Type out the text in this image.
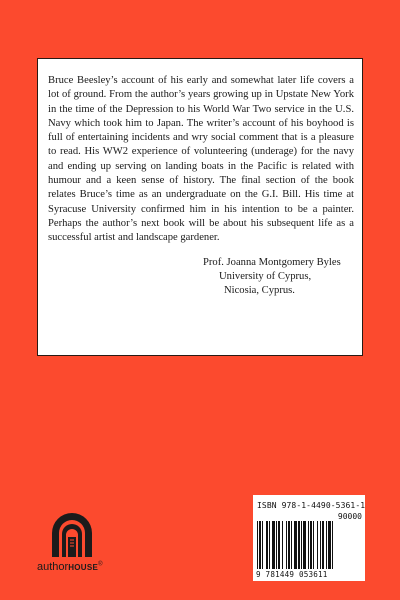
Bruce Beesley’s account of his early and somewhat later life covers a lot of ground. From the author’s years growing up in Upstate New York in the time of the Depression to his World War Two service in the U.S. Navy which took him to Japan. The writer’s account of his boyhood is full of entertaining incidents and wry social comment that is a pleasure to read. His WW2 experience of volunteering (underage) for the navy and ending up serving on landing boats in the Pacific is related with humour and a keen sense of history. The final section of the book relates Bruce’s time as an undergraduate on the G.I. Bill. His time at Syracuse University confirmed him in his intention to be a painter. Perhaps the author’s next book will be about his subsequent life as a successful artist and landscape gardener.

Prof. Joanna Montgomery Byles
University of Cyprus,
Nicosia, Cyprus.
authorHOUSE®
ISBN 978-1-4490-5361-1
90000
9 781449 053611
